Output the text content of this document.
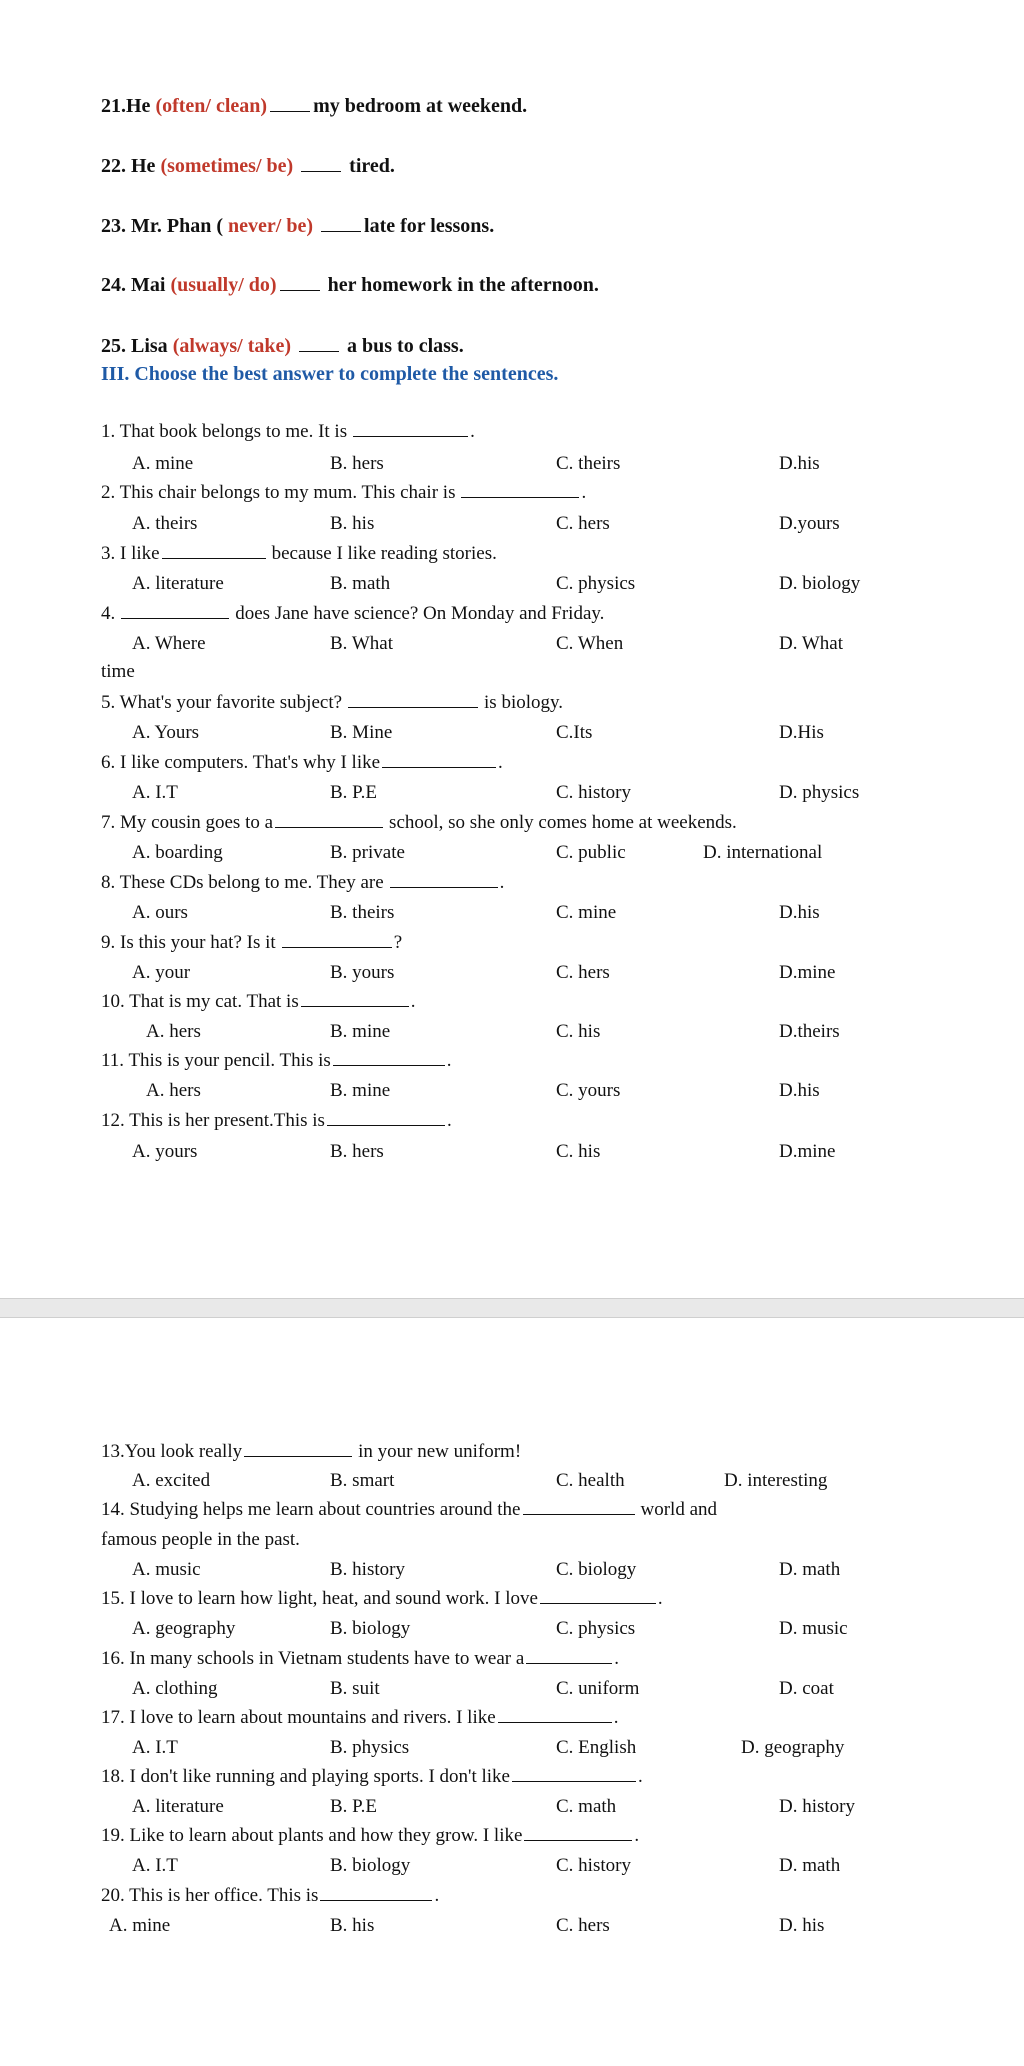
21.He (often/ clean) my bedroom at weekend.
22. He (sometimes/ be)	tired.
23. Mr. Phan ( never/ be)	late for lessons.
24. Mai (usually/ do)	her homework in the afternoon.
25. Lisa (always/ take)	a bus to class.
III. Choose the best answer to complete the sentences.
1. That book belongs to me. It is	.
A. mine	B. hers	C. theirs	D.his
2. This chair belongs to my mum. This chair is	.
A. theirs	B. his	C. hers	D.yours
3. I like	because I like reading stories.
A. literature	B. math	C. physics	D. biology
4.	does Jane have science? On Monday and Friday.
A. Where	B. What	C. When	D. What
time
5. What's your favorite subject?	is biology.
A. Yours	B. Mine	C.Its	D.His
6. I like computers. That's why I like	.
A. I.T	B. P.E	C. history	D. physics
7. My cousin goes to a	school, so she only comes home at weekends.
A. boarding	B. private	C. public	D. international
8. These CDs belong to me. They are	.
A. ours	B. theirs	C. mine	D.his
9. Is this your hat? Is it	?
A. your	B. yours	C. hers	D.mine
10. That is my cat. That is	.
A. hers	B. mine	C. his	D.theirs
11. This is your pencil. This is	.
A. hers	B. mine	C. yours	D.his
12. This is her present.This is	.
A. yours	B. hers	C. his	D.mine
13.You look really	in your new uniform!
A. excited	B. smart	C. health	D. interesting
14. Studying helps me learn about countries around the	world and
famous people in the past.
A. music	B. history	C. biology	D. math
15. I love to learn how light, heat, and sound work. I love	.
A. geography	B. biology	C. physics	D. music
16. In many schools in Vietnam students have to wear a	.
A. clothing	B. suit	C. uniform	D. coat
17. I love to learn about mountains and rivers. I like	.
A. I.T	B. physics	C. English	D. geography
18. I don't like running and playing sports. I don't like	.
A. literature	B. P.E	C. math	D. history
19. Like to learn about plants and how they grow. I like	.
A. I.T	B. biology	C. history	D. math
20. This is her office. This is	.
A. mine	B. his	C. hers	D. his
